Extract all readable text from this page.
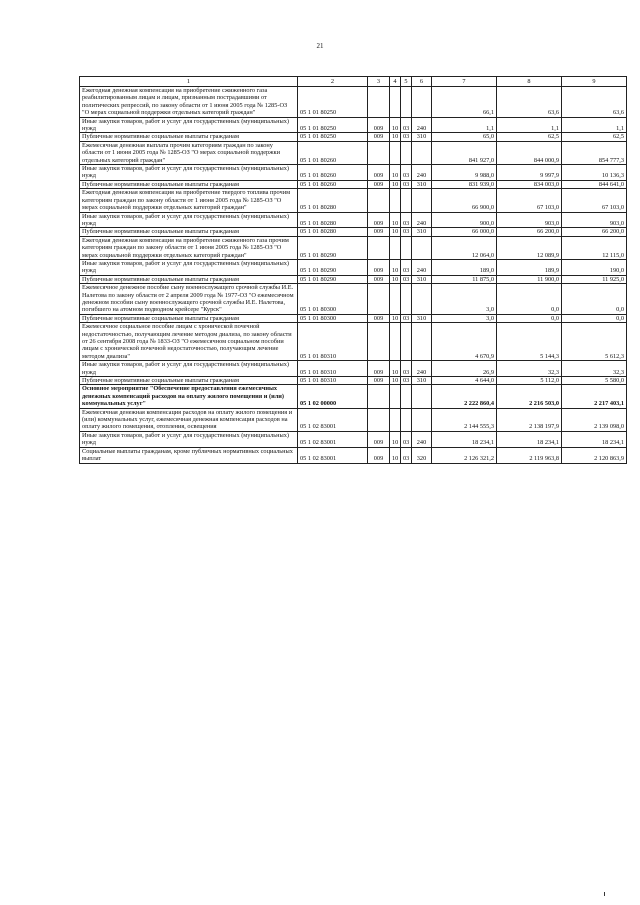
21
1	2	3	4	5	6	7	8	9
Ежегодная денежная компенсация на приобретение сжиженного газа реабилитированным лицам и лицам, признанным пострадавшими от политических репрессий, по закону области от 1 июня 2005 года № 1285-ОЗ "О мерах социальной поддержки отдельных категорий граждан"	05 1 01 80250					66,1	63,6	63,6
Иные закупки товаров, работ и услуг для государственных (муниципальных) нужд	05 1 01 80250	009	10	03	240	1,1	1,1	1,1
Публичные нормативные социальные выплаты гражданам	05 1 01 80250	009	10	03	310	65,0	62,5	62,5
Ежемесячная денежная выплата прочим категориям граждан по закону области от 1 июня 2005 года № 1285-ОЗ "О мерах социальной поддержки отдельных категорий граждан"	05 1 01 80260					841 927,0	844 000,9	854 777,3
Иные закупки товаров, работ и услуг для государственных (муниципальных) нужд	05 1 01 80260	009	10	03	240	9 988,0	9 997,9	10 136,3
Публичные нормативные социальные выплаты гражданам	05 1 01 80260	009	10	03	310	831 939,0	834 003,0	844 641,0
Ежегодная денежная компенсация на приобретение твердого топлива прочим категориям граждан по закону области от 1 июня 2005 года № 1285-ОЗ "О мерах социальной поддержки отдельных категорий граждан"	05 1 01 80280					66 900,0	67 103,0	67 103,0
Иные закупки товаров, работ и услуг для государственных (муниципальных) нужд	05 1 01 80280	009	10	03	240	900,0	903,0	903,0
Публичные нормативные социальные выплаты гражданам	05 1 01 80280	009	10	03	310	66 000,0	66 200,0	66 200,0
Ежегодная денежная компенсация на приобретение сжиженного газа прочим категориям граждан по закону области от 1 июня 2005 года № 1285-ОЗ "О мерах социальной поддержки отдельных категорий граждан"	05 1 01 80290					12 064,0	12 089,9	12 115,0
Иные закупки товаров, работ и услуг для государственных (муниципальных) нужд	05 1 01 80290	009	10	03	240	189,0	189,9	190,0
Публичные нормативные социальные выплаты гражданам	05 1 01 80290	009	10	03	310	11 875,0	11 900,0	11 925,0
Ежемесячное денежное пособие сыну военнослужащего срочной службы И.Е. Налетова по закону области от 2 апреля 2009 года № 1977-ОЗ "О ежемесячном денежном пособии сыну военнослужащего срочной службы И.Е. Налетова, погибшего на атомном подводном крейсере "Курск"	05 1 01 80300					3,0	0,0	0,0
Публичные нормативные социальные выплаты гражданам	05 1 01 80300	009	10	03	310	3,0	0,0	0,0
Ежемесячное социальное пособие лицам с хронической почечной недостаточностью, получающим лечение методом диализа, по закону области от 26 сентября 2008 года № 1833-ОЗ "О ежемесячном социальном пособии лицам с хронической почечной недостаточностью, получающим лечение методом диализа"	05 1 01 80310					4 670,9	5 144,3	5 612,3
Иные закупки товаров, работ и услуг для государственных (муниципальных) нужд	05 1 01 80310	009	10	03	240	26,9	32,3	32,3
Публичные нормативные социальные выплаты гражданам	05 1 01 80310	009	10	03	310	4 644,0	5 112,0	5 580,0
Основное мероприятие "Обеспечение предоставления ежемесячных денежных компенсаций расходов на оплату жилого помещения и (или) коммунальных услуг"	05 1 02 00000					2 222 860,4	2 216 503,0	2 217 403,1
Ежемесячная денежная компенсация расходов на оплату жилого помещения и (или) коммунальных услуг, ежемесячная денежная компенсация расходов на оплату жилого помещения, отопления, освещения	05 1 02 83001					2 144 555,3	2 138 197,9	2 139 098,0
Иные закупки товаров, работ и услуг для государственных (муниципальных) нужд	05 1 02 83001	009	10	03	240	18 234,1	18 234,1	18 234,1
Социальные выплаты гражданам, кроме публичных нормативных социальных выплат	05 1 02 83001	009	10	03	320	2 126 321,2	2 119 963,8	2 120 863,9
